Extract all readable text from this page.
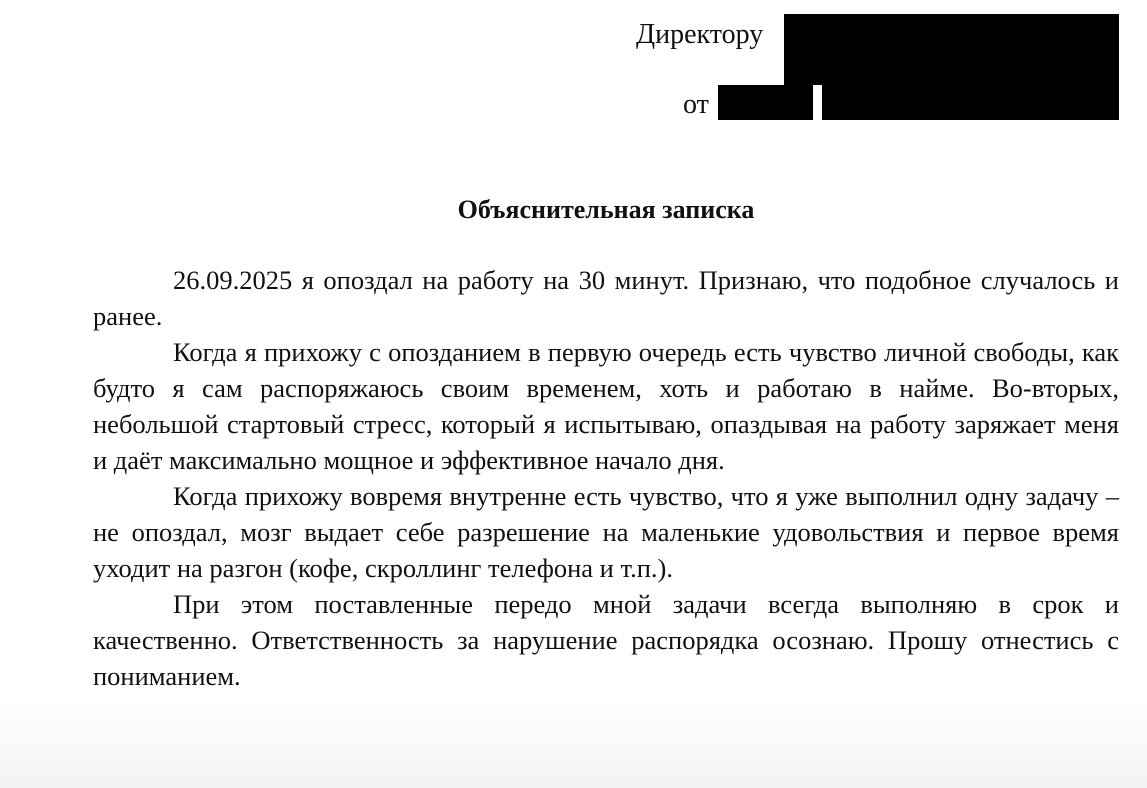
Директору
от
Объяснительная записка

26.09.2025 я опоздал на работу на 30 минут. Признаю, что подобное случалось и ранее.

Когда я прихожу с опозданием в первую очередь есть чувство личной свободы, как будто я сам распоряжаюсь своим временем, хоть и работаю в найме. Во-вторых, небольшой стартовый стресс, который я испытываю, опаздывая на работу заряжает меня и даёт максимально мощное и эффективное начало дня.

Когда прихожу вовремя внутренне есть чувство, что я уже выполнил одну задачу – не опоздал, мозг выдает себе разрешение на маленькие удовольствия и первое время уходит на разгон (кофе, скроллинг телефона и т.п.).

При этом поставленные передо мной задачи всегда выполняю в срок и качественно. Ответственность за нарушение распорядка осознаю. Прошу отнестись с пониманием.
